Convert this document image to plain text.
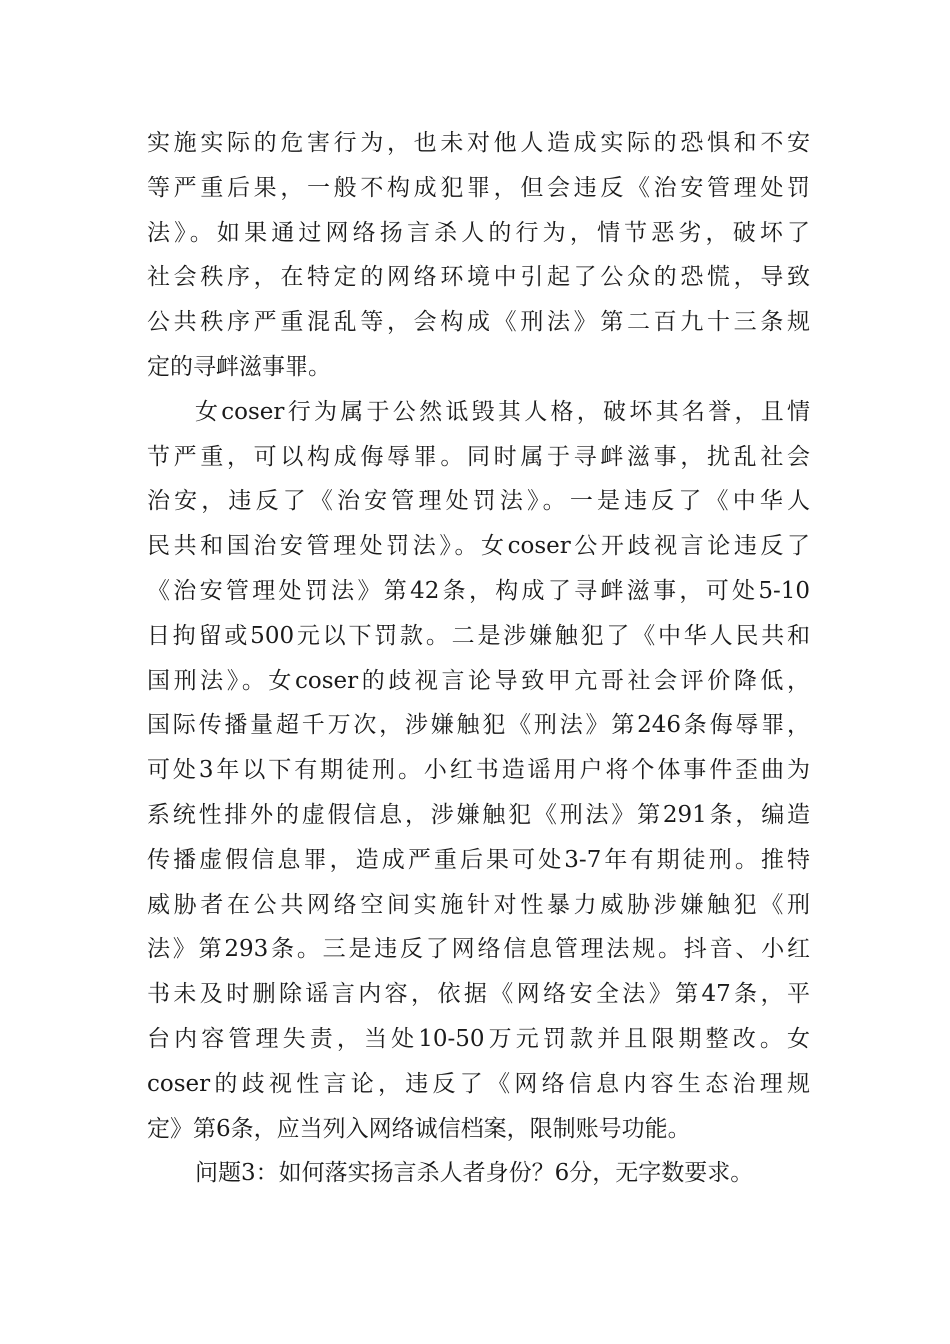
实施实际的危害行为，也未对他人造成实际的恐惧和不安
等严重后果，一般不构成犯罪，但会违反《治安管理处罚
法》。如果通过网络扬言杀人的行为，情节恶劣，破坏了
社会秩序，在特定的网络环境中引起了公众的恐慌，导致
公共秩序严重混乱等，会构成《刑法》第二百九十三条规
定的寻衅滋事罪。
女coser行为属于公然诋毁其人格，破坏其名誉，且情
节严重，可以构成侮辱罪。同时属于寻衅滋事，扰乱社会
治安，违反了《治安管理处罚法》。一是违反了《中华人
民共和国治安管理处罚法》。女coser公开歧视言论违反了
《治安管理处罚法》第42条，构成了寻衅滋事，可处5-10
日拘留或500元以下罚款。二是涉嫌触犯了《中华人民共和
国刑法》。女coser的歧视言论导致甲亢哥社会评价降低，
国际传播量超千万次，涉嫌触犯《刑法》第246条侮辱罪，
可处3年以下有期徒刑。小红书造谣用户将个体事件歪曲为
系统性排外的虚假信息，涉嫌触犯《刑法》第291条，编造
传播虚假信息罪，造成严重后果可处3-7年有期徒刑。推特
威胁者在公共网络空间实施针对性暴力威胁涉嫌触犯《刑
法》第293条。三是违反了网络信息管理法规。抖音、小红
书未及时删除谣言内容，依据《网络安全法》第47条，平
台内容管理失责，当处10-50万元罚款并且限期整改。女
coser的歧视性言论，违反了《网络信息内容生态治理规
定》第6条，应当列入网络诚信档案，限制账号功能。
问题3：如何落实扬言杀人者身份？6分，无字数要求。
